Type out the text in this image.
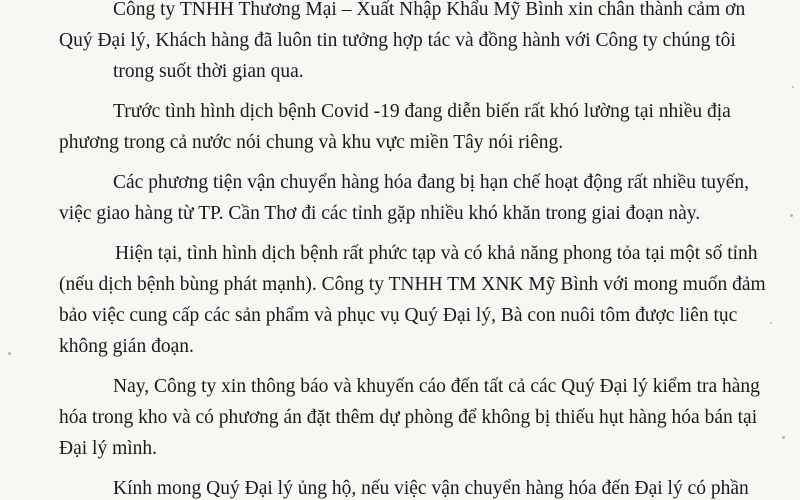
Công ty TNHH Thương Mại – Xuất Nhập Khẩu Mỹ Bình xin chân thành cảm ơn
Quý Đại lý, Khách hàng đã luôn tin tưởng hợp tác và đồng hành với Công ty chúng tôi
trong suốt thời gian qua.
Trước tình hình dịch bệnh Covid -19 đang diễn biến rất khó lường tại nhiều địa
phương trong cả nước nói chung và khu vực miền Tây nói riêng.
Các phương tiện vận chuyển hàng hóa đang bị hạn chế hoạt động rất nhiều tuyến,
việc giao hàng từ TP. Cần Thơ đi các tỉnh gặp nhiều khó khăn trong giai đoạn này.
Hiện tại, tình hình dịch bệnh rất phức tạp và có khả năng phong tỏa tại một số tỉnh
(nếu dịch bệnh bùng phát mạnh). Công ty TNHH TM XNK Mỹ Bình với mong muốn đảm
bảo việc cung cấp các sản phẩm và phục vụ Quý Đại lý, Bà con nuôi tôm được liên tục
không gián đoạn.
Nay, Công ty xin thông báo và khuyến cáo đến tất cả các Quý Đại lý kiểm tra hàng
hóa trong kho và có phương án đặt thêm dự phòng để không bị thiếu hụt hàng hóa bán tại
Đại lý mình.
Kính mong Quý Đại lý ủng hộ, nếu việc vận chuyển hàng hóa đến Đại lý có phần
